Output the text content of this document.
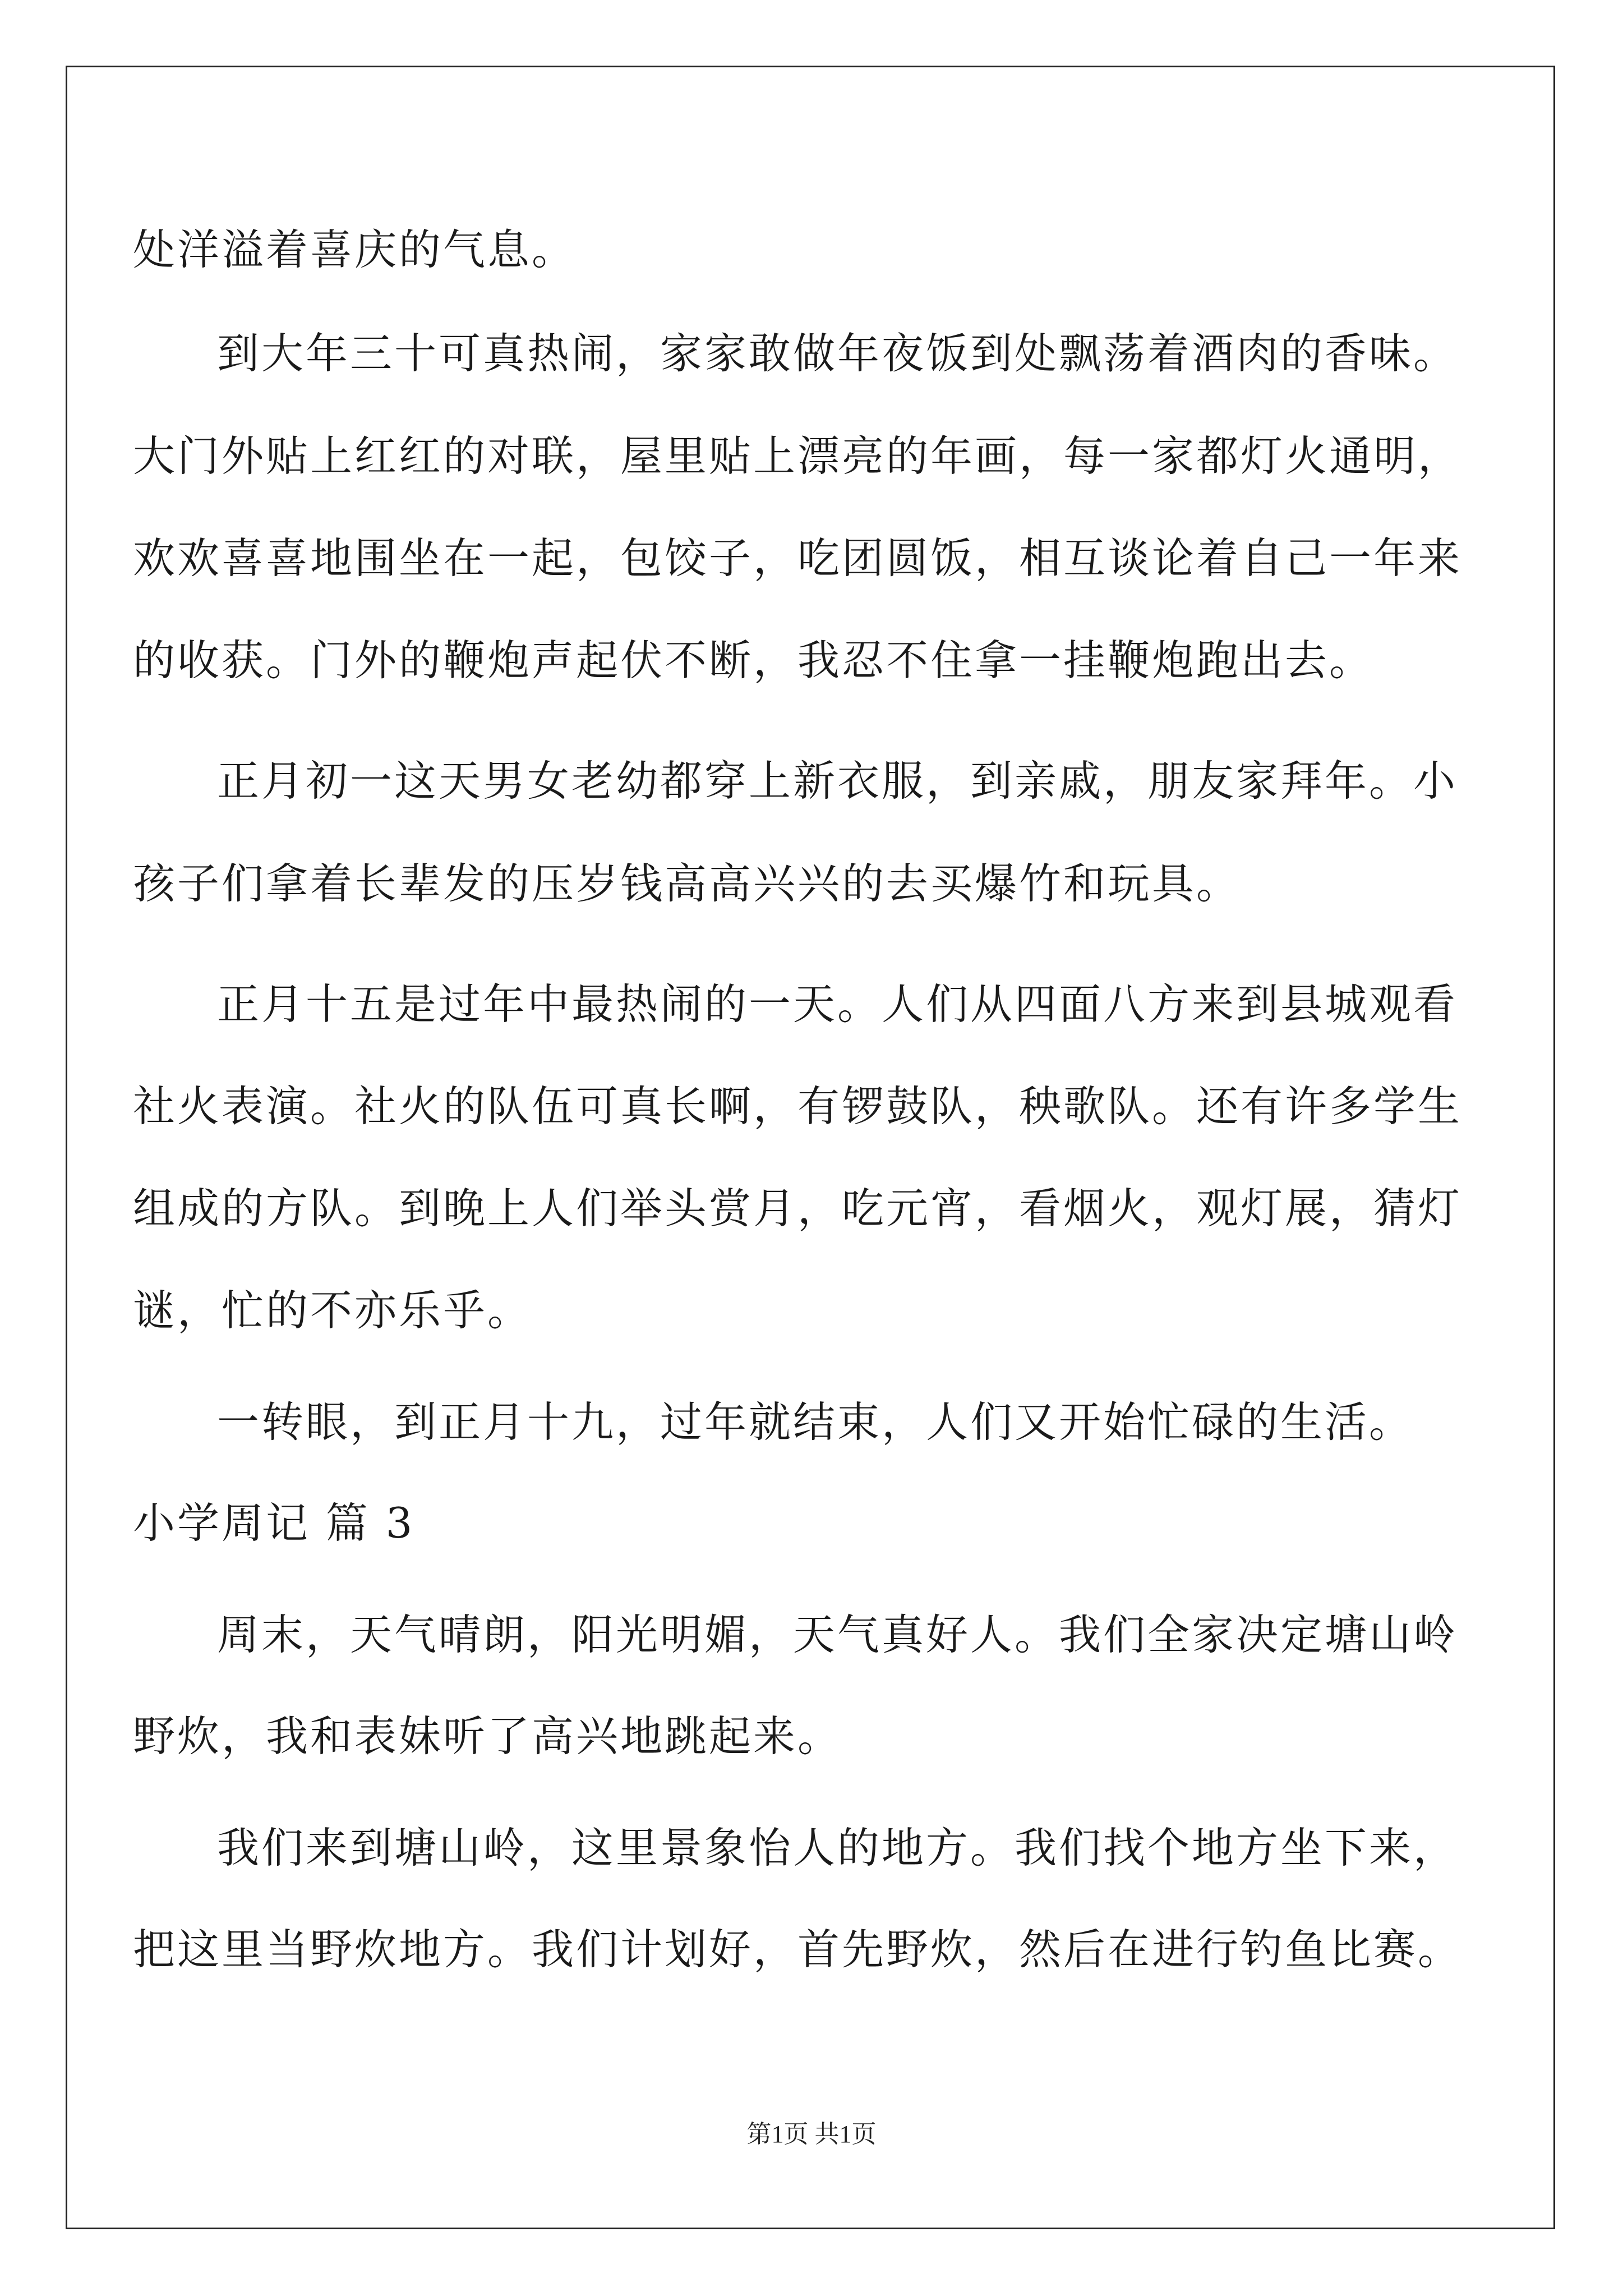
处洋溢着喜庆的气息。
到大年三十可真热闹，家家敢做年夜饭到处飘荡着酒肉的香味。
大门外贴上红红的对联，屋里贴上漂亮的年画，每一家都灯火通明，
欢欢喜喜地围坐在一起，包饺子，吃团圆饭，相互谈论着自己一年来
的收获。门外的鞭炮声起伏不断，我忍不住拿一挂鞭炮跑出去。
正月初一这天男女老幼都穿上新衣服，到亲戚，朋友家拜年。小
孩子们拿着长辈发的压岁钱高高兴兴的去买爆竹和玩具。
正月十五是过年中最热闹的一天。人们从四面八方来到县城观看
社火表演。社火的队伍可真长啊，有锣鼓队，秧歌队。还有许多学生
组成的方队。到晚上人们举头赏月，吃元宵，看烟火，观灯展，猜灯
谜，忙的不亦乐乎。
一转眼，到正月十九，过年就结束，人们又开始忙碌的生活。
小学周记 篇 3
周末，天气晴朗，阳光明媚，天气真好人。我们全家决定塘山岭
野炊，我和表妹听了高兴地跳起来。
我们来到塘山岭，这里景象怡人的地方。我们找个地方坐下来，
把这里当野炊地方。我们计划好，首先野炊，然后在进行钓鱼比赛。
第1页 共1页
